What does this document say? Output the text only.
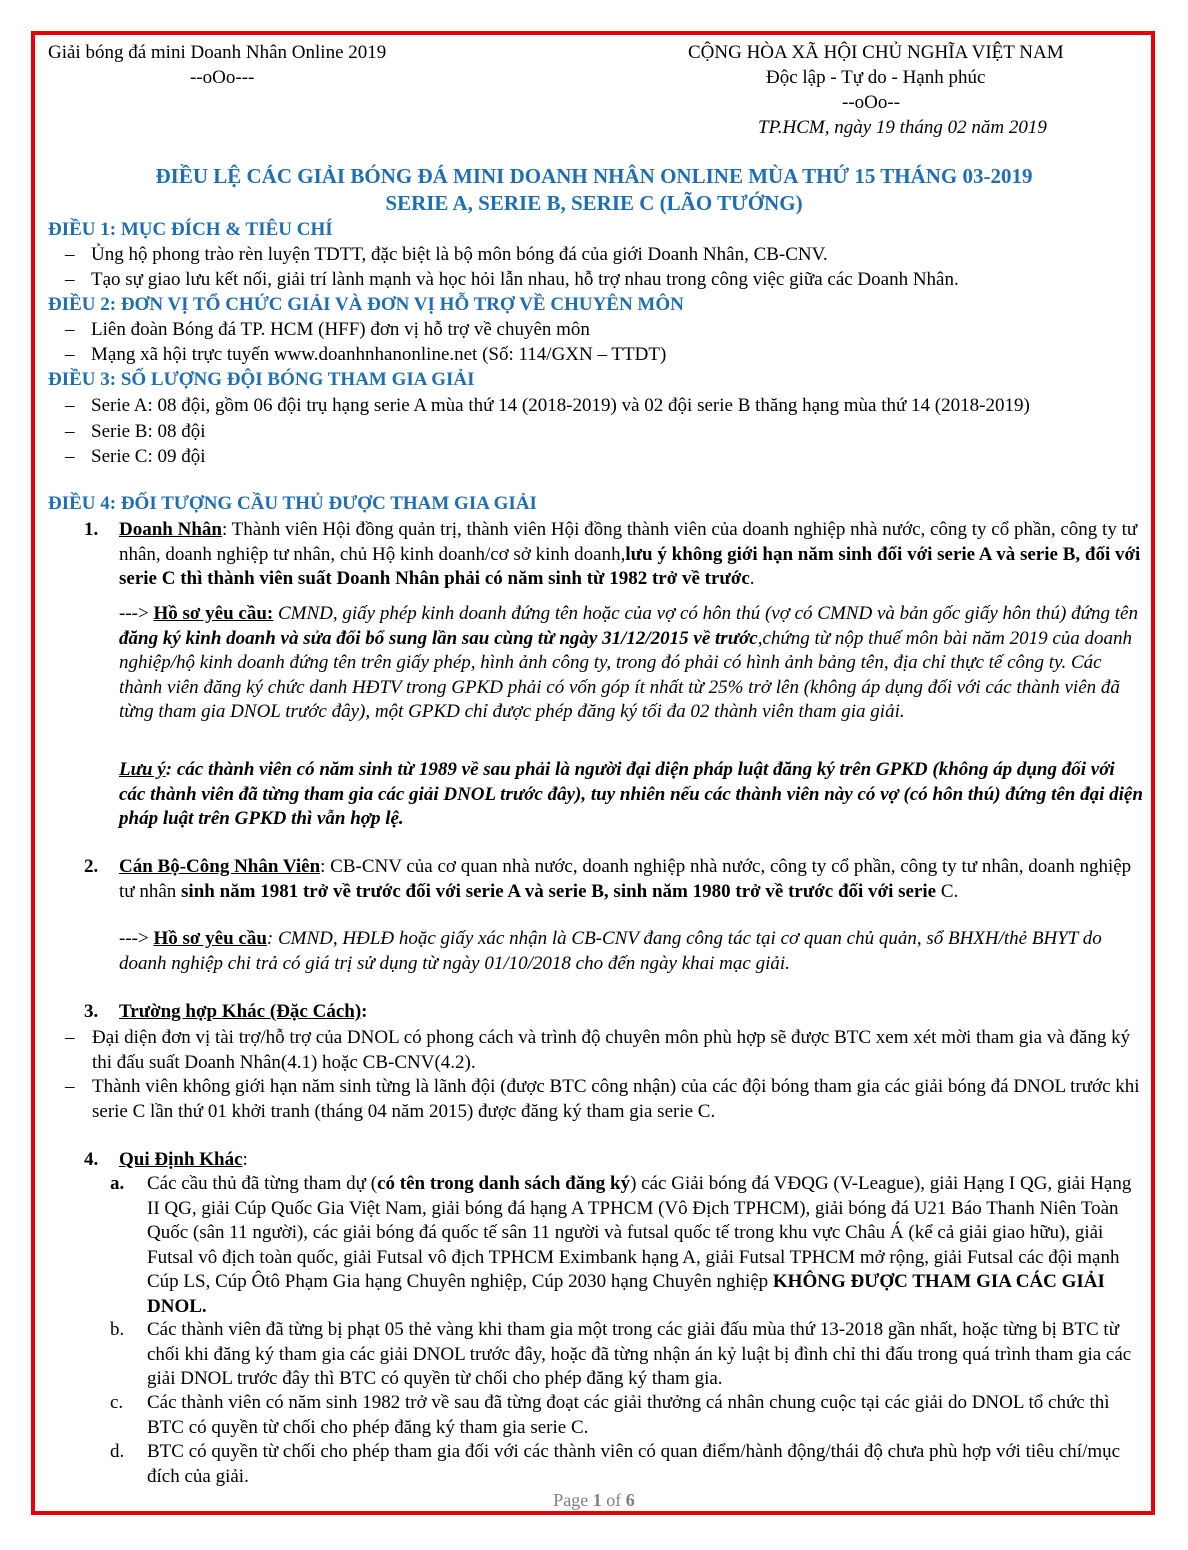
Giải bóng đá mini Doanh Nhân Online 2019
--oOo---
CỘNG HÒA XÃ HỘI CHỦ NGHĨA VIỆT NAM
Độc lập - Tự do - Hạnh phúc
--oOo--
TP.HCM, ngày 19 tháng 02 năm 2019
ĐIỀU LỆ CÁC GIẢI BÓNG ĐÁ MINI DOANH NHÂN ONLINE MÙA THỨ 15 THÁNG 03-2019
SERIE A, SERIE B, SERIE C (LÃO TƯỚNG)
ĐIỀU 1: MỤC ĐÍCH & TIÊU CHÍ
– Ủng hộ phong trào rèn luyện TDTT, đặc biệt là bộ môn bóng đá của giới Doanh Nhân, CB-CNV.
– Tạo sự giao lưu kết nối, giải trí lành mạnh và học hỏi lẫn nhau, hỗ trợ nhau trong công việc giữa các Doanh Nhân.
ĐIỀU 2: ĐƠN VỊ TỔ CHỨC GIẢI VÀ ĐƠN VỊ HỖ TRỢ VỀ CHUYÊN MÔN
– Liên đoàn Bóng đá TP. HCM (HFF) đơn vị hỗ trợ về chuyên môn
– Mạng xã hội trực tuyến www.doanhnhanonline.net (Số: 114/GXN – TTDT)
ĐIỀU 3: SỐ LƯỢNG ĐỘI BÓNG THAM GIA GIẢI
– Serie A: 08 đội, gồm 06 đội trụ hạng serie A mùa thứ 14 (2018-2019) và 02 đội serie B thăng hạng mùa thứ 14 (2018-2019)
– Serie B: 08 đội
– Serie C: 09 đội
ĐIỀU 4: ĐỐI TƯỢNG CẦU THỦ ĐƯỢC THAM GIA GIẢI
1. Doanh Nhân: Thành viên Hội đồng quản trị, thành viên Hội đồng thành viên của doanh nghiệp nhà nước, công ty cổ phần, công ty tư nhân, doanh nghiệp tư nhân, chủ Hộ kinh doanh/cơ sở kinh doanh,lưu ý không giới hạn năm sinh đối với serie A và serie B, đối với serie C thì thành viên suất Doanh Nhân phải có năm sinh từ 1982 trở về trước.
---> Hồ sơ yêu cầu: CMND, giấy phép kinh doanh đứng tên hoặc của vợ có hôn thú (vợ có CMND và bản gốc giấy hôn thú) đứng tên đăng ký kinh doanh và sửa đổi bổ sung lần sau cùng từ ngày 31/12/2015 về trước,chứng từ nộp thuế môn bài năm 2019 của doanh nghiệp/hộ kinh doanh đứng tên trên giấy phép, hình ảnh công ty, trong đó phải có hình ảnh bảng tên, địa chỉ thực tế công ty. Các thành viên đăng ký chức danh HĐTV trong GPKD phải có vốn góp ít nhất từ 25% trở lên (không áp dụng đối với các thành viên đã từng tham gia DNOL trước đây), một GPKD chỉ được phép đăng ký tối đa 02 thành viên tham gia giải.
Lưu ý: các thành viên có năm sinh từ 1989 về sau phải là người đại diện pháp luật đăng ký trên GPKD (không áp dụng đối với các thành viên đã từng tham gia các giải DNOL trước đây), tuy nhiên nếu các thành viên này có vợ (có hôn thú) đứng tên đại diện pháp luật trên GPKD thì vẫn hợp lệ.
2. Cán Bộ-Công Nhân Viên: CB-CNV của cơ quan nhà nước, doanh nghiệp nhà nước, công ty cổ phần, công ty tư nhân, doanh nghiệp tư nhân sinh năm 1981 trở về trước đối với serie A và serie B, sinh năm 1980 trở về trước đối với serie C.
---> Hồ sơ yêu cầu: CMND, HĐLĐ hoặc giấy xác nhận là CB-CNV đang công tác tại cơ quan chủ quản, sổ BHXH/thẻ BHYT do doanh nghiệp chi trả có giá trị sử dụng từ ngày 01/10/2018 cho đến ngày khai mạc giải.
3. Trường hợp Khác (Đặc Cách):
– Đại diện đơn vị tài trợ/hỗ trợ của DNOL có phong cách và trình độ chuyên môn phù hợp sẽ được BTC xem xét mời tham gia và đăng ký thi đấu suất Doanh Nhân(4.1) hoặc CB-CNV(4.2).
– Thành viên không giới hạn năm sinh từng là lãnh đội (được BTC công nhận) của các đội bóng tham gia các giải bóng đá DNOL trước khi serie C lần thứ 01 khởi tranh (tháng 04 năm 2015) được đăng ký tham gia serie C.
4. Qui Định Khác:
a. Các cầu thủ đã từng tham dự (có tên trong danh sách đăng ký) các Giải bóng đá VĐQG (V-League), giải Hạng I QG, giải Hạng II QG, giải Cúp Quốc Gia Việt Nam, giải bóng đá hạng A TPHCM (Vô Địch TPHCM), giải bóng đá U21 Báo Thanh Niên Toàn Quốc (sân 11 người), các giải bóng đá quốc tế sân 11 người và futsal quốc tế trong khu vực Châu Á (kể cả giải giao hữu), giải Futsal vô địch toàn quốc, giải Futsal vô địch TPHCM Eximbank hạng A, giải Futsal TPHCM mở rộng, giải Futsal các đội mạnh Cúp LS, Cúp Ôtô Phạm Gia hạng Chuyên nghiệp, Cúp 2030 hạng Chuyên nghiệp KHÔNG ĐƯỢC THAM GIA CÁC GIẢI DNOL.
b. Các thành viên đã từng bị phạt 05 thẻ vàng khi tham gia một trong các giải đấu mùa thứ 13-2018 gần nhất, hoặc từng bị BTC từ chối khi đăng ký tham gia các giải DNOL trước đây, hoặc đã từng nhận án kỷ luật bị đình chỉ thi đấu trong quá trình tham gia các giải DNOL trước đây thì BTC có quyền từ chối cho phép đăng ký tham gia.
c. Các thành viên có năm sinh 1982 trở về sau đã từng đoạt các giải thưởng cá nhân chung cuộc tại các giải do DNOL tổ chức thì BTC có quyền từ chối cho phép đăng ký tham gia serie C.
d. BTC có quyền từ chối cho phép tham gia đối với các thành viên có quan điểm/hành động/thái độ chưa phù hợp với tiêu chí/mục đích của giải.
Page 1 of 6
